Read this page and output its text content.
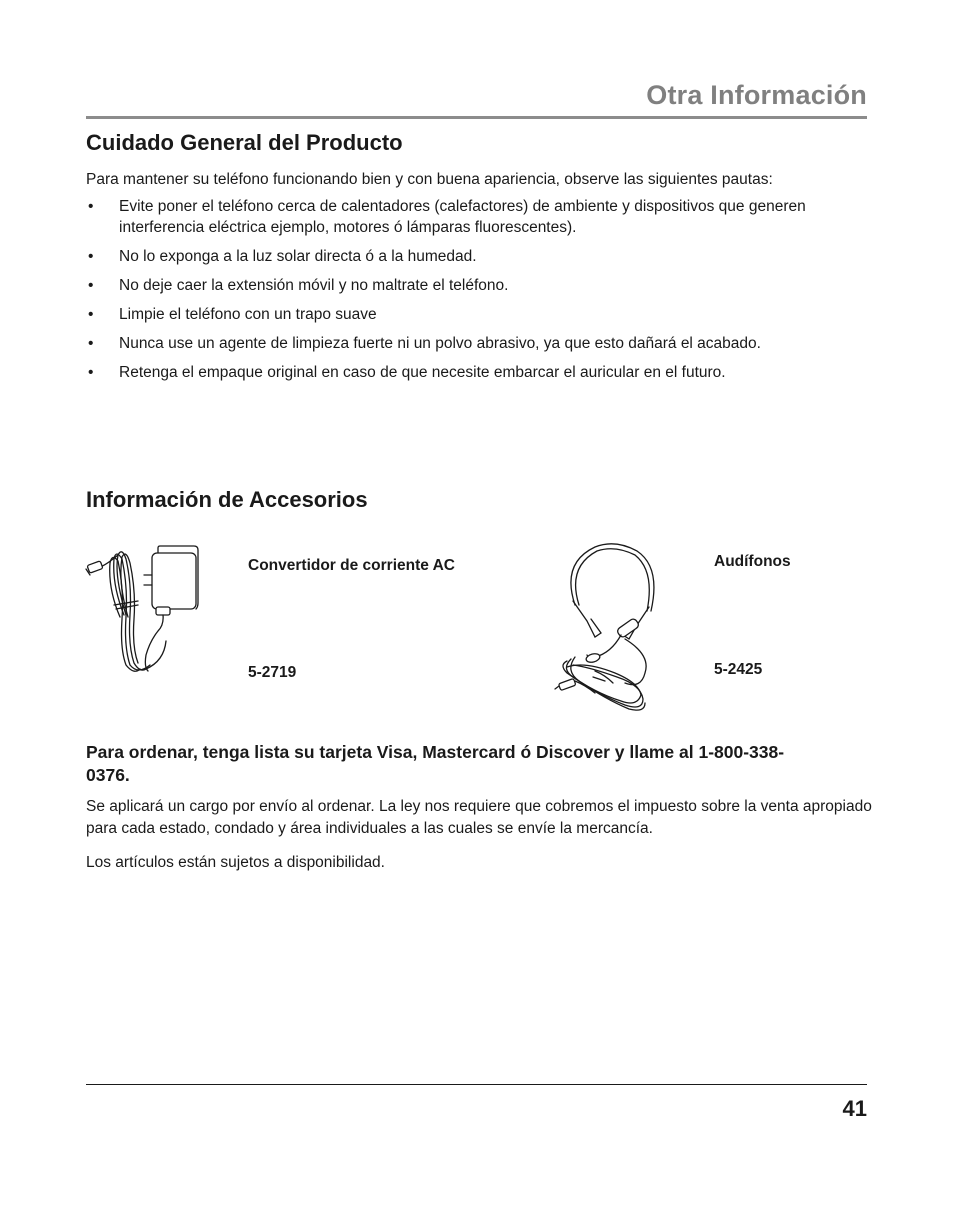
Otra Información
Cuidado General del Producto
Para mantener su teléfono funcionando bien y con buena apariencia, observe las siguientes pautas:
• Evite poner el teléfono cerca de calentadores (calefactores) de ambiente y dispositivos que generen interferencia eléctrica ejemplo, motores ó lámparas fluorescentes).
• No lo exponga a la luz solar directa ó a la humedad.
• No deje caer la extensión móvil y no maltrate el teléfono.
• Limpie el teléfono con un trapo suave
• Nunca use un agente de limpieza fuerte ni un polvo abrasivo, ya que esto dañará el acabado.
• Retenga el empaque original en caso de que necesite embarcar el auricular en el futuro.
Información de Accesorios
Convertidor de corriente AC
5-2719
Audífonos
5-2425
Para ordenar, tenga lista su tarjeta Visa, Mastercard ó Discover y llame al 1-800-338-0376.
Se aplicará un cargo por envío al ordenar. La ley nos requiere que cobremos el impuesto sobre la venta apropiado para cada estado, condado y área individuales a las cuales se envíe la mercancía.
Los artículos están sujetos a disponibilidad.
41
